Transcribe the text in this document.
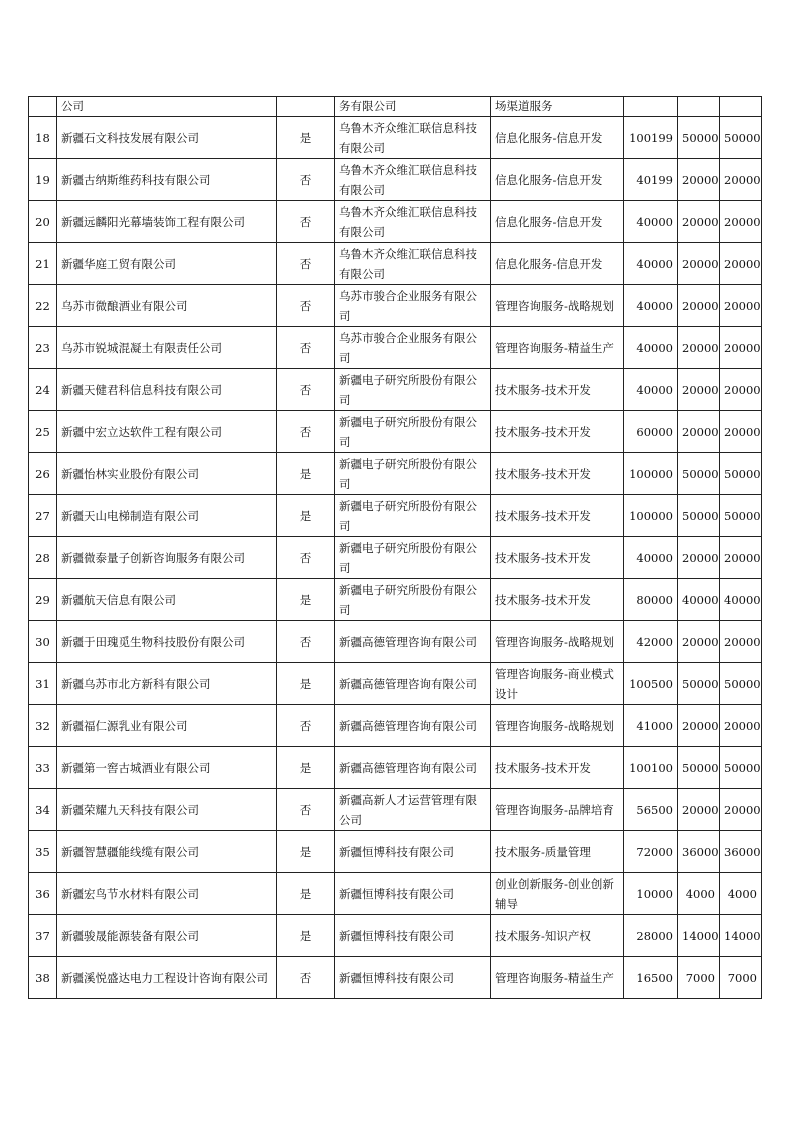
	公司		务有限公司	场渠道服务			
18	新疆石文科技发展有限公司	是	乌鲁木齐众维汇联信息科技有限公司	信息化服务-信息开发	100199	50000	50000
19	新疆古纳斯维药科技有限公司	否	乌鲁木齐众维汇联信息科技有限公司	信息化服务-信息开发	40199	20000	20000
20	新疆远麟阳光幕墙装饰工程有限公司	否	乌鲁木齐众维汇联信息科技有限公司	信息化服务-信息开发	40000	20000	20000
21	新疆华庭工贸有限公司	否	乌鲁木齐众维汇联信息科技有限公司	信息化服务-信息开发	40000	20000	20000
22	乌苏市微酿酒业有限公司	否	乌苏市骏合企业服务有限公司	管理咨询服务-战略规划	40000	20000	20000
23	乌苏市锐城混凝土有限责任公司	否	乌苏市骏合企业服务有限公司	管理咨询服务-精益生产	40000	20000	20000
24	新疆天健君科信息科技有限公司	否	新疆电子研究所股份有限公司	技术服务-技术开发	40000	20000	20000
25	新疆中宏立达软件工程有限公司	否	新疆电子研究所股份有限公司	技术服务-技术开发	60000	20000	20000
26	新疆怡林实业股份有限公司	是	新疆电子研究所股份有限公司	技术服务-技术开发	100000	50000	50000
27	新疆天山电梯制造有限公司	是	新疆电子研究所股份有限公司	技术服务-技术开发	100000	50000	50000
28	新疆微泰量子创新咨询服务有限公司	否	新疆电子研究所股份有限公司	技术服务-技术开发	40000	20000	20000
29	新疆航天信息有限公司	是	新疆电子研究所股份有限公司	技术服务-技术开发	80000	40000	40000
30	新疆于田瑰觅生物科技股份有限公司	否	新疆高德管理咨询有限公司	管理咨询服务-战略规划	42000	20000	20000
31	新疆乌苏市北方新科有限公司	是	新疆高德管理咨询有限公司	管理咨询服务-商业模式设计	100500	50000	50000
32	新疆福仁源乳业有限公司	否	新疆高德管理咨询有限公司	管理咨询服务-战略规划	41000	20000	20000
33	新疆第一窖古城酒业有限公司	是	新疆高德管理咨询有限公司	技术服务-技术开发	100100	50000	50000
34	新疆荣耀九天科技有限公司	否	新疆高新人才运营管理有限公司	管理咨询服务-品牌培育	56500	20000	20000
35	新疆智慧疆能线缆有限公司	是	新疆恒博科技有限公司	技术服务-质量管理	72000	36000	36000
36	新疆宏鸟节水材料有限公司	是	新疆恒博科技有限公司	创业创新服务-创业创新辅导	10000	4000	4000
37	新疆骏晟能源装备有限公司	是	新疆恒博科技有限公司	技术服务-知识产权	28000	14000	14000
38	新疆溪悦盛达电力工程设计咨询有限公司	否	新疆恒博科技有限公司	管理咨询服务-精益生产	16500	7000	7000
